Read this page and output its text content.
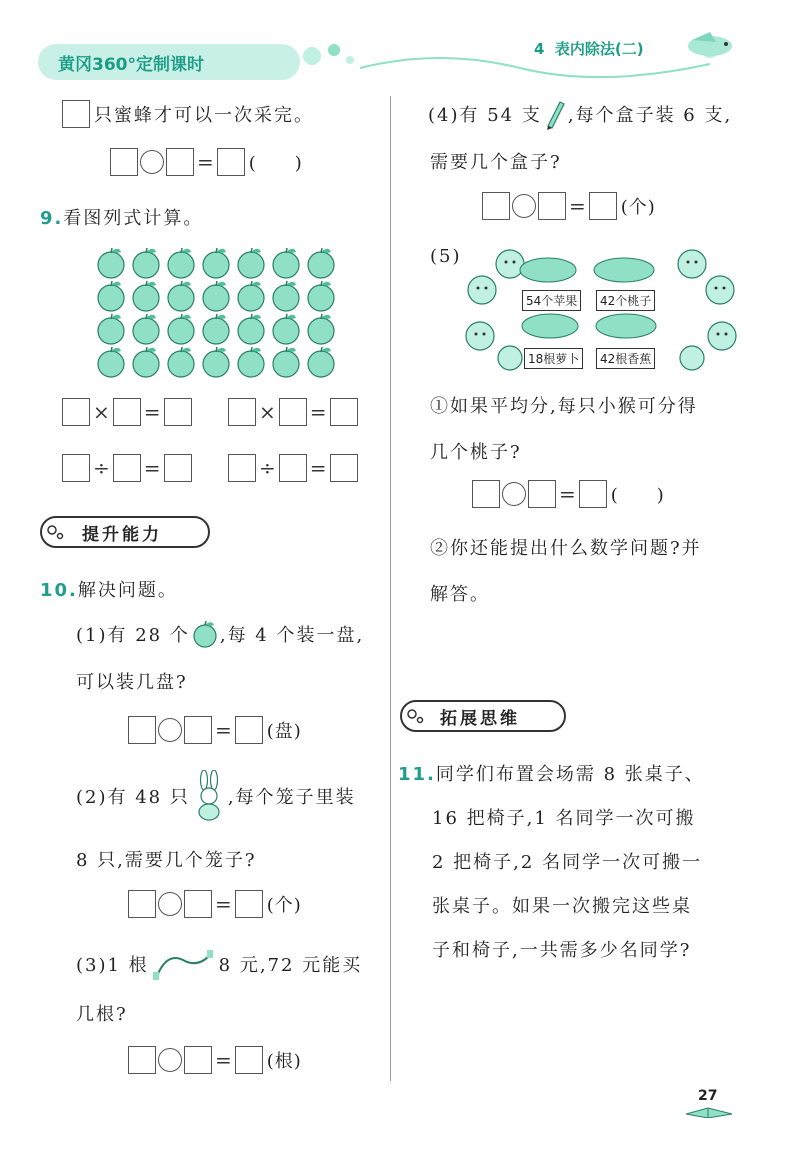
黄冈360°定制课时
4 表内除法(二)
只蜜蜂才可以一次采完。
= (　　)
9.看图列式计算。
× =	× =
÷ =	÷ =
提升能力
10.解决问题。
(1)有 28 个 ,每 4 个装一盘,
可以装几盘?
= (盘)
(2)有 48 只 ,每个笼子里装
8 只,需要几个笼子?
= (个)
(3)1 根	8 元,72 元能买
几根?
= (根)
(4)有 54 支 ,每个盒子装 6 支,
需要几个盒子?
= (个)
(5)
54个苹果	42个桃子
18根萝卜	42根香蕉
①如果平均分,每只小猴可分得
几个桃子?
= (　　)
②你还能提出什么数学问题?并
解答。
拓展思维
11.同学们布置会场需 8 张桌子、
16 把椅子,1 名同学一次可搬
2 把椅子,2 名同学一次可搬一
张桌子。如果一次搬完这些桌
子和椅子,一共需多少名同学?
27
